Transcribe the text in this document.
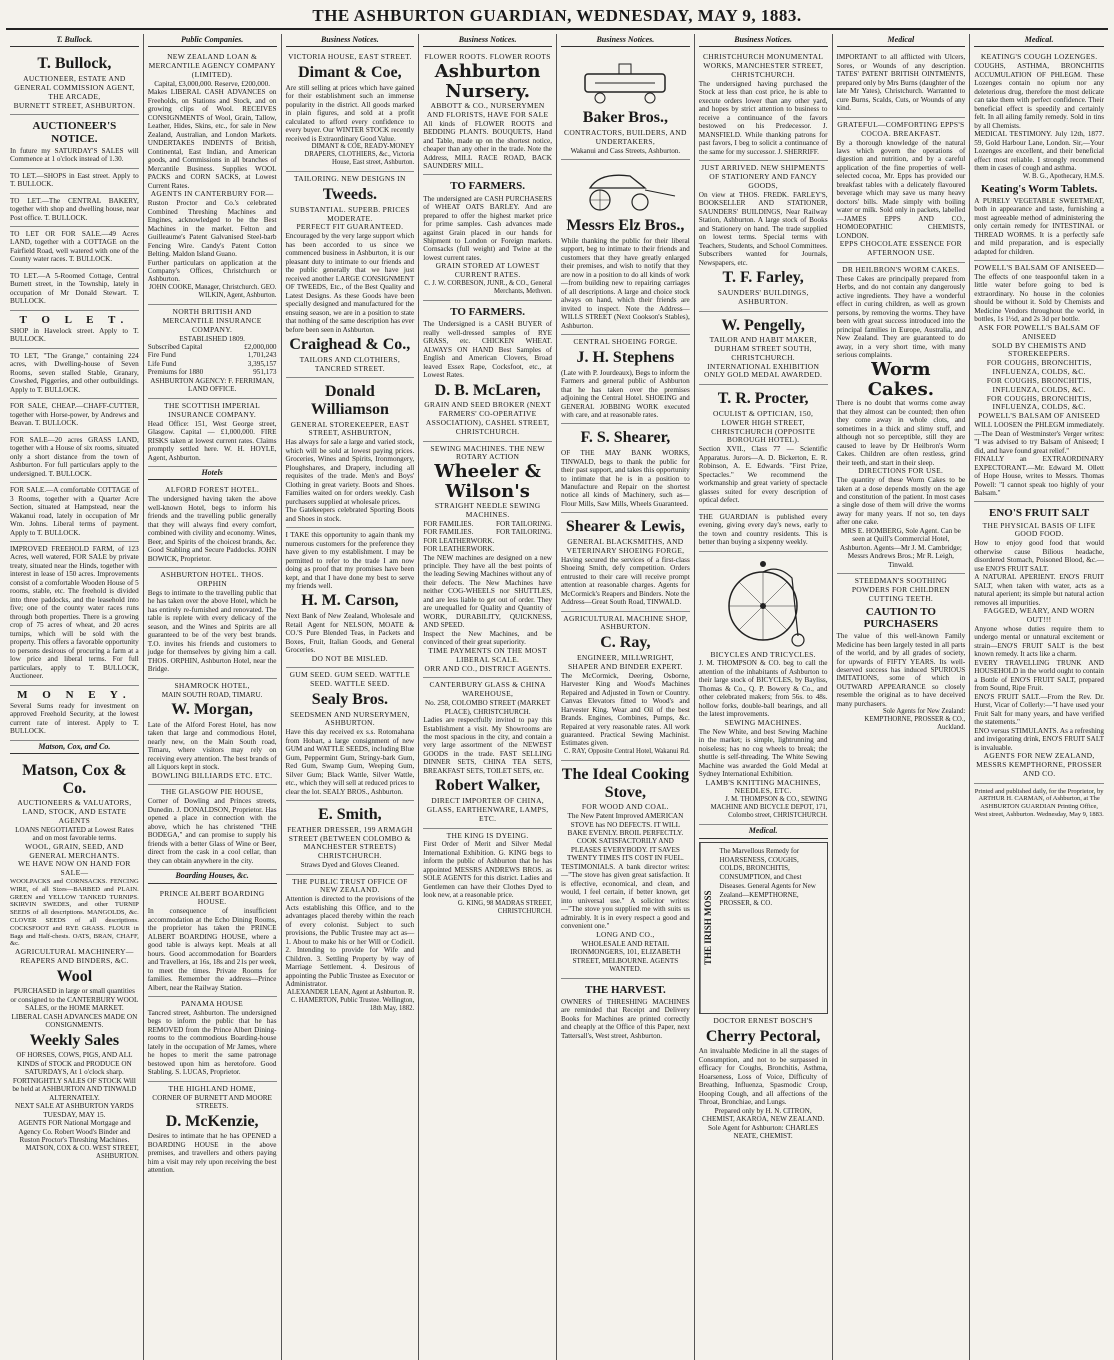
THE ASHBURTON GUARDIAN, WEDNESDAY, MAY 9, 1883.
T. Bullock.
T. Bullock,
AUCTIONEER, ESTATE AND GENERAL COMMISSION AGENT, THE ARCADE,
BURNETT STREET, ASHBURTON.
AUCTIONEER'S NOTICE.
In future my SATURDAY'S SALES will Commence at 1 o'clock instead of 1.30.
TO LET.—SHOPS in East street. Apply to T. BULLOCK.
TO LET.—The CENTRAL BAKERY, together with shop and dwelling house, near Post office. T. BULLOCK.
TO LET OR FOR SALE.—49 Acres LAND, together with a COTTAGE on the Fairfield Road, well watered with one of the County water races. T. BULLOCK.
TO LET.—A 5-Roomed Cottage, Central Burnett street, in the Township, lately in occupation of Mr Donald Stewart. T. BULLOCK.
T O L E T.
SHOP in Havelock street. Apply to T. BULLOCK.
TO LET, "The Grange," containing 224 acres, with Dwelling-house of Seven Rooms, seven stalled Stable, Granary, Cowshed, Piggeries, and other outbuildings. Apply to T. BULLOCK.
FOR SALE, CHEAP.—CHAFF-CUTTER, together with Horse-power, by Andrews and Beavan. T. BULLOCK.
FOR SALE—20 acres GRASS LAND, together with a House of six rooms, situated only a short distance from the town of Ashburton. For full particulars apply to the undersigned. T. BULLOCK.
FOR SALE.—A comfortable COTTAGE of 3 Rooms, together with a Quarter Acre Section, situated at Hampstead, near the Wakanui road, lately in occupation of Mr Wm. Johns. Liberal terms of payment. Apply to T. BULLOCK.
IMPROVED FREEHOLD FARM, of 123 Acres, well watered, FOR SALE by private treaty, situated near the Hinds, together with interest in lease of 150 acres. Improvements consist of a comfortable Wooden House of 5 rooms, stable, etc. The freehold is divided into three paddocks, and the leasehold into five; one of the county water races runs through both properties. There is a growing crop of 75 acres of wheat, and 20 acres turnips, which will be sold with the property. This offers a favorable opportunity to persons desirous of procuring a farm at a low price and liberal terms. For full particulars, apply to T. BULLOCK, Auctioneer.
M O N E Y.
Several Sums ready for investment on approved Freehold Security, at the lowest current rate of interest. Apply to T. BULLOCK.
Matson, Cox, and Co.
Matson, Cox & Co.
AUCTIONEERS & VALUATORS, LAND, STOCK, AND ESTATE AGENTS
LOANS NEGOTIATED at Lowest Rates and on most favorable terms.
WOOL, GRAIN, SEED, AND GENERAL MERCHANTS.
WE HAVE NOW ON HAND FOR SALE—
WOOLPACKS and CORNSACKS. FENCING WIRE, of all Sizes—BARBED and PLAIN. GREEN and YELLOW TANKED TURNIPS. SKIRVIN SWEDES, and other TURNIP SEEDS of all descriptions. MANGOLDS, &c. CLOVER SEEDS of all descriptions. COCKSFOOT and RYE GRASS. FLOUR in Bags and Half-chests. OATS, BRAN, CHAFF, &c.
AGRICULTURAL MACHINERY—REAPERS AND BINDERS, &C.
Wool
PURCHASED in large or small quantities or consigned to the CANTERBURY WOOL SALES, or the HOME MARKET. LIBERAL CASH ADVANCES MADE ON CONSIGNMENTS.
Weekly Sales
OF HORSES, COWS, PIGS, AND ALL KINDS of STOCK and PRODUCE ON SATURDAYS, At 1 o'clock sharp.
FORTNIGHTLY SALES OF STOCK Will be held at ASHBURTON AND TINWALD ALTERNATELY.
NEXT SALE AT ASHBURTON YARDS TUESDAY, MAY 15.
AGENTS FOR National Mortgage and Agency Co. Robert Wood's Binder and Ruston Proctor's Threshing Machines.
MATSON, COX & CO. WEST STREET, ASHBURTON.
Public Companies.
NEW ZEALAND LOAN & MERCANTILE AGENCY COMPANY (LIMITED).
Capital, £3,000,000. Reserve, £200,000.
Makes LIBERAL CASH ADVANCES on Freeholds, on Stations and Stock, and on growing clips of Wool. RECEIVES CONSIGNMENTS of Wool, Grain, Tallow, Leather, Hides, Skins, etc., for sale in New Zealand, Australian, and London Markets. UNDERTAKES INDENTS of British, Continental, East Indian, and American goods, and Commissions in all branches of Mercantile Business. Supplies WOOL PACKS and CORN SACKS, at Lowest Current Rates.
AGENTS IN CANTERBURY FOR—
Ruston Proctor and Co.'s celebrated Combined Threshing Machines and Engines, acknowledged to be the Best Machines in the market. Felton and Guilleaume's Patent Galvanised Steel-barb Fencing Wire. Candy's Patent Cotton Belting. Maldon Island Guano.
Further particulars on application at the Company's Offices, Christchurch or Ashburton.
JOHN COOKE, Manager, Christchurch. GEO. WILKIN, Agent, Ashburton.
NORTH BRITISH AND MERCANTILE INSURANCE COMPANY.
ESTABLISHED 1809.
Subscribed Capital	£2,000,000
Fire Fund	1,701,243
Life Fund	3,395,157
Premiums for 1880	951,173
ASHBURTON AGENCY: F. FERRIMAN, LAND OFFICE.
THE SCOTTISH IMPERIAL INSURANCE COMPANY.
Head Office: 151, West George street, Glasgow. Capital — £1,000,000. FIRE RISKS taken at lowest current rates. Claims promptly settled here. W. H. HOYLE, Agent, Ashburton.
Hotels
ALFORD FOREST HOTEL.
The undersigned having taken the above well-known Hotel, begs to inform his friends and the travelling public generally that they will always find every comfort, combined with civility and economy. Wines, Beer, and Spirits of the choicest brands, &c. Good Stabling and Secure Paddocks. JOHN BOWICK, Proprietor.
ASHBURTON HOTEL. THOS. ORPHIN
Begs to intimate to the travelling public that he has taken over the above Hotel, which he has entirely re-furnished and renovated. The table is replete with every delicacy of the season, and the Wines and Spirits are all guaranteed to be of the very best brands. T.O. invites his friends and customers to judge for themselves by giving him a call. THOS. ORPHIN, Ashburton Hotel, near the Bridge.
SHAMROCK HOTEL,
MAIN SOUTH ROAD, TIMARU.
W. Morgan,
Late of the Alford Forest Hotel, has now taken that large and commodious Hotel, nearly new, on the Main South road, Timaru, where visitors may rely on receiving every attention. The best brands of all Liquors kept in stock.
BOWLING BILLIARDS ETC. ETC.
THE GLASGOW PIE HOUSE,
Corner of Dowling and Princes streets, Dunedin. J. DONALDSON, Proprietor. Has opened a place in connection with the above, which he has christened "THE BODEGA," and can promise to supply his friends with a better Glass of Wine or Beer, direct from the cask in a cool cellar, than they can obtain anywhere in the city.
Boarding Houses, &c.
PRINCE ALBERT BOARDING HOUSE.
In consequence of insufficient accommodation at the Echo Dining Rooms, the proprietor has taken the PRINCE ALBERT BOARDING HOUSE, where a good table is always kept. Meals at all hours. Good accommodation for Boarders and Travellers, at 16s, 18s and 21s per week, to meet the times. Private Rooms for families. Remember the address—Prince Albert, near the Railway Station.
PANAMA HOUSE
Tancred street, Ashburton. The undersigned begs to inform the public that he has REMOVED from the Prince Albert Dining-rooms to the commodious Boarding-house lately in the occupation of Mr James, where he hopes to merit the same patronage bestowed upon him as heretofore. Good Stabling. S. LUCAS, Proprietor.
THE HIGHLAND HOME,
CORNER OF BURNETT AND MOORE STREETS.
D. McKenzie,
Desires to intimate that he has OPENED a BOARDING HOUSE in the above premises, and travellers and others paying him a visit may rely upon receiving the best attention.
Business Notices.
VICTORIA HOUSE, EAST STREET.
Dimant & Coe,
Are still selling at prices which have gained for their establishment such an immense popularity in the district. All goods marked in plain figures, and sold at a profit calculated to afford every confidence to every buyer. Our WINTER STOCK recently received is Extraordinary Good Value.
DIMANT & COE, READY-MONEY DRAPERS, CLOTHIERS, &c., Victoria House, East street, Ashburton.
TAILORING. NEW DESIGNS IN
Tweeds.
SUBSTANTIAL. SUPERB. PRICES MODERATE.
PERFECT FIT GUARANTEED.
Encouraged by the very large support which has been accorded to us since we commenced business in Ashburton, it is our pleasant duty to intimate to our friends and the public generally that we have just received another LARGE CONSIGNMENT OF TWEEDS, Etc., of the Best Quality and Latest Designs. As these Goods have been specially designed and manufactured for the ensuing season, we are in a position to state that nothing of the same description has ever before been seen in Ashburton.
Craighead & Co.,
TAILORS AND CLOTHIERS, TANCRED STREET.
Donald Williamson
GENERAL STOREKEEPER, EAST STREET, ASHBURTON,
Has always for sale a large and varied stock, which will be sold at lowest paying prices. Groceries, Wines and Spirits, Ironmongery, Ploughshares, and Drapery, including all requisites of the trade. Men's and Boys' Clothing in great variety. Boots and Shoes. Families waited on for orders weekly. Cash purchasers supplied at wholesale prices.
The Gatekeepers celebrated Sporting Boots and Shoes in stock.
I TAKE this opportunity to again thank my numerous customers for the preference they have given to my establishment. I may be permitted to refer to the trade I am now doing as proof that my promises have been kept, and that I have done my best to serve my friends well.
H. M. Carson,
Next Bank of New Zealand, Wholesale and Retail Agent for NELSON, MOATE & CO.'S Pure Blended Teas, in Packets and Boxes, Fruit, Italian Goods, and General Groceries.
DO NOT BE MISLED.
GUM SEED. GUM SEED. WATTLE SEED. WATTLE SEED.
Sealy Bros.
SEEDSMEN AND NURSERYMEN, ASHBURTON.
Have this day received ex s.s. Rotomahana from Hobart, a large consignment of new GUM and WATTLE SEEDS, including Blue Gum, Peppermint Gum, Stringy-bark Gum, Red Gum, Swamp Gum, Weeping Gum, Silver Gum; Black Wattle, Silver Wattle, etc., which they will sell at reduced prices to clear the lot. SEALY BROS., Ashburton.
E. Smith,
FEATHER DRESSER, 199 ARMAGH STREET (BETWEEN COLOMBO & MANCHESTER STREETS) CHRISTCHURCH.
Straws Dyed and Gloves Cleaned.
THE PUBLIC TRUST OFFICE OF NEW ZEALAND.
Attention is directed to the provisions of the Acts establishing this Office, and to the advantages placed thereby within the reach of every colonist. Subject to such provisions, the Public Trustee may act as—1. About to make his or her Will or Codicil. 2. Intending to provide for Wife and Children. 3. Settling Property by way of Marriage Settlement. 4. Desirous of appointing the Public Trustee as Executor or Administrator.
ALEXANDER LEAN, Agent at Ashburton. R. C. HAMERTON, Public Trustee. Wellington, 18th May, 1882.
Business Notices.
FLOWER ROOTS. FLOWER ROOTS
Ashburton Nursery.
ABBOTT & CO., NURSERYMEN AND FLORISTS, HAVE FOR SALE
All kinds of FLOWER ROOTS and BEDDING PLANTS. BOUQUETS, Hand and Table, made up on the shortest notice, cheaper than any other in the trade. Note the Address, MILL RACE ROAD, BACK SAUNDERS' MILL.
TO FARMERS.
The undersigned are CASH PURCHASERS of WHEAT OATS BARLEY. And are prepared to offer the highest market price for prime samples. Cash advances made against Grain placed in our hands for Shipment to London or Foreign markets. Cornsacks (full weight) and Twine at the lowest current rates.
GRAIN STORED AT LOWEST CURRENT RATES.
C. J. W. CORBESON, JUNR., & CO., General Merchants, Methven.
TO FARMERS.
The Undersigned is a CASH BUYER of really well-dressed samples of RYE GRASS, etc. CHICKEN WHEAT. ALWAYS ON HAND Best Samples of English and American Clovers, Broad leaved Essex Rape, Cocksfoot, etc., at Lowest Rates.
D. B. McLaren,
GRAIN AND SEED BROKER (NEXT FARMERS' CO-OPERATIVE ASSOCIATION), CASHEL STREET, CHRISTCHURCH.
SEWING MACHINES. THE NEW ROTARY ACTION
Wheeler & Wilson's
STRAIGHT NEEDLE SEWING MACHINES.
FOR FAMILIES.	FOR TAILORING.
FOR FAMILIES.	FOR TAILORING.
FOR LEATHERWORK.
FOR LEATHERWORK.
The NEW machines are designed on a new principle. They have all the best points of the leading Sewing Machines without any of their defects. The New Machines have neither COG-WHEELS nor SHUTTLES, and are less liable to get out of order. They are unequalled for Quality and Quantity of WORK, DURABILITY, QUICKNESS, AND SPEED.
Inspect the New Machines, and be convinced of their great superiority.
TIME PAYMENTS ON THE MOST LIBERAL SCALE.
ORR AND CO., DISTRICT AGENTS.
CANTERBURY GLASS & CHINA WAREHOUSE,
No. 258, COLOMBO STREET (MARKET PLACE), CHRISTCHURCH.
Ladies are respectfully invited to pay this Establishment a visit. My Showrooms are the most spacious in the city, and contain a very large assortment of the NEWEST GOODS in the trade. FAST SELLING DINNER SETS, CHINA TEA SETS, BREAKFAST SETS, TOILET SETS, etc.
Robert Walker,
DIRECT IMPORTER OF CHINA, GLASS, EARTHENWARE, LAMPS, ETC.
THE KING IS DYEING.
First Order of Merit and Silver Medal International Exhibition. G. KING begs to inform the public of Ashburton that he has appointed MESSRS ANDREWS BROS. as SOLE AGENTS for this district. Ladies and Gentlemen can have their Clothes Dyed to look new, at a reasonable price.
G. KING, 98 MADRAS STREET, CHRISTCHURCH.
Business Notices.
Baker Bros.,
CONTRACTORS, BUILDERS, AND UNDERTAKERS,
Wakanui and Cass Streets, Ashburton.
Messrs Elz Bros.,
While thanking the public for their liberal support, beg to intimate to their friends and customers that they have greatly enlarged their premises, and wish to notify that they are now in a position to do all kinds of work—from building new to repairing carriages of all descriptions. A large and choice stock always on hand, which their friends are invited to inspect. Note the Address—WILLS STREET (Next Cookson's Stables), Ashburton.
CENTRAL SHOEING FORGE.
J. H. Stephens
(Late with P. Jourdeaux), Begs to inform the Farmers and general public of Ashburton that he has taken over the premises adjoining the Central Hotel. SHOEING and GENERAL JOBBING WORK executed with care, and at reasonable rates.
F. S. Shearer,
OF THE MAY BANK WORKS, TINWALD, begs to thank the public for their past support, and takes this opportunity to intimate that he is in a position to Manufacture and Repair on the shortest notice all kinds of Machinery, such as—Flour Mills, Saw Mills, Wheels Guaranteed.
Shearer & Lewis,
GENERAL BLACKSMITHS, AND VETERINARY SHOEING FORGE,
Having secured the services of a first-class Shoeing Smith, defy competition. Orders entrusted to their care will receive prompt attention at reasonable charges. Agents for McCormick's Reapers and Binders. Note the Address—Great South Road, TINWALD.
AGRICULTURAL MACHINE SHOP, ASHBURTON.
C. Ray,
ENGINEER, MILLWRIGHT, SHAPER AND BINDER EXPERT.
The McCormick, Deering, Osborne, Harvester King and Wood's Machines Repaired and Adjusted in Town or Country. Canvas Elevators fitted to Wood's and Harvester King. Wear and Oil of the best Brands. Engines, Combines, Pumps, &c. Repaired at very reasonable rates. All work guaranteed. Practical Sewing Machinist. Estimates given.
C. RAY, Opposite Central Hotel, Wakanui Rd.
The Ideal Cooking Stove,
FOR WOOD AND COAL.
The New Patent Improved AMERICAN STOVE has NO DEFECTS. IT WILL BAKE EVENLY. BROIL PERFECTLY. COOK SATISFACTORILY AND PLEASES EVERYBODY. IT SAVES TWENTY TIMES ITS COST IN FUEL.
TESTIMONIALS. A bank director writes:—"The stove has given great satisfaction. It is effective, economical, and clean, and would, I feel certain, if better known, get into universal use." A solicitor writes:—"The stove you supplied me with suits us admirably. It is in every respect a good and convenient one."
LONG AND CO.,
WHOLESALE AND RETAIL IRONMONGERS, 101, ELIZABETH STREET, MELBOURNE. AGENTS WANTED.
THE HARVEST.
OWNERS of THRESHING MACHINES are reminded that Receipt and Delivery Books for Machines are printed correctly and cheaply at the Office of this Paper, next Tattersall's, West street, Ashburton.
Business Notices.
CHRISTCHURCH MONUMENTAL WORKS, MANCHESTER STREET, CHRISTCHURCH.
The undersigned having purchased the Stock at less than cost price, he is able to execute orders lower than any other yard, and hopes by strict attention to business to receive a continuance of the favors bestowed on his Predecessor. J. MANSFIELD. While thanking patrons for past favors, I beg to solicit a continuance of the same for my successor. J. SHERRIFF.
JUST ARRIVED. NEW SHIPMENTS OF STATIONERY AND FANCY GOODS,
On view at THOS. FREDK. FARLEY'S, BOOKSELLER AND STATIONER, SAUNDERS' BUILDINGS, Near Railway Station, Ashburton. A large stock of Books and Stationery on hand. The trade supplied on lowest terms. Special terms with Teachers, Students, and School Committees. Subscribers wanted for Journals, Newspapers, etc.
T. F. Farley,
SAUNDERS' BUILDINGS, ASHBURTON.
W. Pengelly,
TAILOR AND HABIT MAKER, DURHAM STREET SOUTH, CHRISTCHURCH.
INTERNATIONAL EXHIBITION ONLY GOLD MEDAL AWARDED.
T. R. Procter,
OCULIST & OPTICIAN, 150, LOWER HIGH STREET, CHRISTCHURCH (OPPOSITE BOROUGH HOTEL).
Section XVII., Class 77 — Scientific Apparatus. Jurors—A. D. Bickerton, E. R. Robinson, A. E. Edwards. "First Prize, Spectacles." We recommend the workmanship and great variety of spectacle glasses suited for every description of optical defect.
THE GUARDIAN is published every evening, giving every day's news, early to the town and country residents. This is better than buying a sixpenny weekly.
BICYCLES AND TRICYCLES.
J. M. THOMPSON & CO. beg to call the attention of the inhabitants of Ashburton to their large stock of BICYCLES, by Bayliss, Thomas & Co., Q. P. Bowery & Co., and other celebrated makers; from 56s. to 48s. hollow forks, double-ball bearings, and all the latest improvements.
SEWING MACHINES.
The New White, and best Sewing Machine in the market; is simple, lightrunning and noiseless; has no cog wheels to break; the shuttle is self-threading. The White Sewing Machine was awarded the Gold Medal at Sydney International Exhibition.
LAMB'S KNITTING MACHINES, NEEDLES, ETC.
J. M. THOMPSON & CO., SEWING MACHINE AND BICYCLE DEPOT, 171, Colombo street, CHRISTCHURCH.
Medical.
THE IRISH MOSS
The Marvellous Remedy for HOARSENESS, COUGHS, COLDS, BRONCHITIS, CONSUMPTION, and Chest Diseases. General Agents for New Zealand—KEMPTHORNE, PROSSER, & CO.
DOCTOR ERNEST BOSCH'S
Cherry Pectoral,
An invaluable Medicine in all the stages of Consumption, and not to be surpassed in efficacy for Coughs, Bronchitis, Asthma, Hoarseness, Loss of Voice, Difficulty of Breathing, Influenza, Spasmodic Croup, Hooping Cough, and all affections of the Throat, Bronchiae, and Lungs.
Prepared only by H. N. CITRON, CHEMIST, AKAROA, NEW ZEALAND. Sole Agent for Ashburton: CHARLES NEATE, CHEMIST.
Medical
IMPORTANT to all afflicted with Ulcers, Sores, or Wounds of any description. TATES' PATENT BRITISH OINTMENTS, prepared only by Mrs Burns (daughter of the late Mr Yates), Christchurch. Warranted to cure Burns, Scalds, Cuts, or Wounds of any kind.
GRATEFUL—COMFORTING EPPS'S COCOA. BREAKFAST.
By a thorough knowledge of the natural laws which govern the operations of digestion and nutrition, and by a careful application of the fine properties of well-selected cocoa, Mr. Epps has provided our breakfast tables with a delicately flavoured beverage which may save us many heavy doctors' bills. Made simply with boiling water or milk. Sold only in packets, labelled—JAMES EPPS AND CO., HOMOEOPATHIC CHEMISTS, LONDON.
EPPS CHOCOLATE ESSENCE FOR AFTERNOON USE.
DR HEILBRON'S WORM CAKES.
These Cakes are principally prepared from Herbs, and do not contain any dangerously active ingredients. They have a wonderful effect in curing children, as well as grown persons, by removing the worms. They have been with great success introduced into the principal families in Europe, Australia, and New Zealand. They are guaranteed to do away, in a very short time, with many serious complaints.
Worm Cakes.
There is no doubt that worms come away that they almost can be counted; then often they come away in whole clots, and sometimes in a thick and slimy stuff, and although not so perceptible, still they are caused to leave by Dr Heilbron's Worm Cakes. Children are often restless, grind their teeth, and start in their sleep.
DIRECTIONS FOR USE.
The quantity of these Worm Cakes to be taken at a dose depends mostly on the age and constitution of the patient. In most cases a single dose of them will drive the worms away for many years. If not so, ten days after one cake.
MRS E. HOMBERG, Sole Agent. Can be seen at Quill's Commercial Hotel, Ashburton. Agents—Mr J. M. Cambridge; Messrs Andrews Bros.; Mr R. Leigh, Tinwald.
STEEDMAN'S SOOTHING POWDERS FOR CHILDREN CUTTING TEETH.
CAUTION TO PURCHASERS
The value of this well-known Family Medicine has been largely tested in all parts of the world, and by all grades of society, for upwards of FIFTY YEARS. Its well-deserved success has induced SPURIOUS IMITATIONS, some of which in OUTWARD APPEARANCE so closely resemble the original as to have deceived many purchasers.
Sole Agents for New Zealand: KEMPTHORNE, PROSSER & CO., Auckland.
Medical.
KEATING'S COUGH LOZENGES.
COUGHS, ASTHMA, BRONCHITIS ACCUMULATION OF PHLEGM. These Lozenges contain no opium nor any deleterious drug, therefore the most delicate can take them with perfect confidence. Their beneficial effect is speedily and certainly felt. In all ailing family remedy. Sold in tins by all Chemists.
MEDICAL TESTIMONY. July 12th, 1877. 59, Gold Harbour Lane, London. Sir,—Your Lozenges are excellent, and their beneficial effect most reliable. I strongly recommend them in cases of cough and asthma.
W. B. G., Apothecary, H.M.S.
Keating's Worm Tablets.
A PURELY VEGETABLE SWEETMEAT, both in appearance and taste, furnishing a most agreeable method of administering the only certain remedy for INTESTINAL or THREAD WORMS. It is a perfectly safe and mild preparation, and is especially adapted for children.
POWELL'S BALSAM OF ANISEED—
The effects of one teaspoonful taken in a little water before going to bed is extraordinary. No house in the colonies should be without it. Sold by Chemists and Medicine Vendors throughout the world, in bottles, 1s 1½d, and 2s 3d per bottle.
ASK FOR POWELL'S BALSAM OF ANISEED
SOLD BY CHEMISTS AND STOREKEEPERS.
FOR COUGHS, BRONCHITIS, INFLUENZA, COLDS, &C.
FOR COUGHS, BRONCHITIS, INFLUENZA, COLDS, &C.
FOR COUGHS, BRONCHITIS, INFLUENZA, COLDS, &C.
POWELL'S BALSAM OF ANISEED
WILL LOOSEN the PHLEGM immediately.—The Dean of Westminster's Verger writes: "I was advised to try Balsam of Aniseed; I did, and have found great relief."
FINALLY an EXTRAORDINARY EXPECTORANT.—Mr. Edward M. Ollett of Hope House, writes to Messrs. Thomas Powell: "I cannot speak too highly of your Balsam."
ENO'S FRUIT SALT
THE PHYSICAL BASIS OF LIFE GOOD FOOD.
How to enjoy good food that would otherwise cause Bilious headache, disordered Stomach, Poisoned Blood, &c.—use ENO'S FRUIT SALT.
A NATURAL APERIENT. ENO'S FRUIT SALT, when taken with water, acts as a natural aperient; its simple but natural action removes all impurities.
FAGGED, WEARY, AND WORN OUT!!!
Anyone whose duties require them to undergo mental or unnatural excitement or strain—ENO'S FRUIT SALT is the best known remedy. It acts like a charm.
EVERY TRAVELLING TRUNK AND HOUSEHOLD in the world ought to contain a Bottle of ENO'S FRUIT SALT, prepared from Sound, Ripe Fruit.
ENO'S FRUIT SALT.—From the Rev. Dr. Hurst, Vicar of Collerly:—"I have used your Fruit Salt for many years, and have verified the statements."
ENO versus STIMULANTS. As a refreshing and invigorating drink, ENO'S FRUIT SALT is invaluable.
AGENTS FOR NEW ZEALAND, MESSRS KEMPTHORNE, PROSSER AND CO.
Printed and published daily, for the Proprietor, by ARTHUR H. CARMAN, of Ashburton, at The ASHBURTON GUARDIAN Printing Office, West street, Ashburton. Wednesday, May 9, 1883.
